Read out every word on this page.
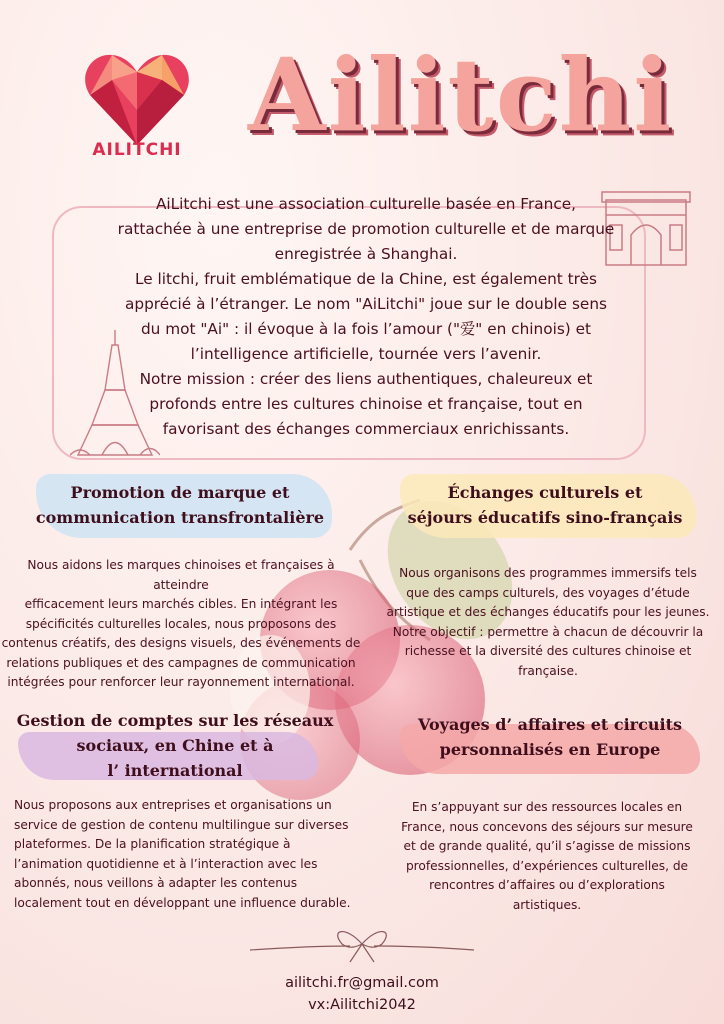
AILITCHI Ailitchi

AiLitchi est une association culturelle basée en France,

rattachée à une entreprise de promotion culturelle et de marque

enregistrée à Shanghai.

Le litchi, fruit emblématique de la Chine, est également très

apprécié à l’étranger. Le nom "AiLitchi" joue sur le double sens

du mot "Ai" : il évoque à la fois l’amour ("爱" en chinois) et

l’intelligence artificielle, tournée vers l’avenir.

Notre mission : créer des liens authentiques, chaleureux et

profonds entre les cultures chinoise et française, tout en

favorisant des échanges commerciaux enrichissants.

Promotion de marque et
communication transfrontalière
Nous aidons les marques chinoises et françaises à atteindre
efficacement leurs marchés cibles. En intégrant les
spécificités culturelles locales, nous proposons des
contenus créatifs, des designs visuels, des événements de
relations publiques et des campagnes de communication
intégrées pour renforcer leur rayonnement international.
Échanges culturels et
séjours éducatifs sino-français
Nous organisons des programmes immersifs tels
que des camps culturels, des voyages d’étude
artistique et des échanges éducatifs pour les jeunes.
Notre objectif : permettre à chacun de découvrir la
richesse et la diversité des cultures chinoise et
française.
Gestion de comptes sur les réseaux
sociaux, en Chine et à
l’ international
Nous proposons aux entreprises et organisations un
service de gestion de contenu multilingue sur diverses
plateformes. De la planification stratégique à
l’animation quotidienne et à l’interaction avec les
abonnés, nous veillons à adapter les contenus
localement tout en développant une influence durable.
Voyages d’ affaires et circuits
personnalisés en Europe
En s’appuyant sur des ressources locales en
France, nous concevons des séjours sur mesure
et de grande qualité, qu’il s’agisse de missions
professionnelles, d’expériences culturelles, de
rencontres d’affaires ou d’explorations
artistiques.
ailitchi.fr@gmail.com
vx:Ailitchi2042
